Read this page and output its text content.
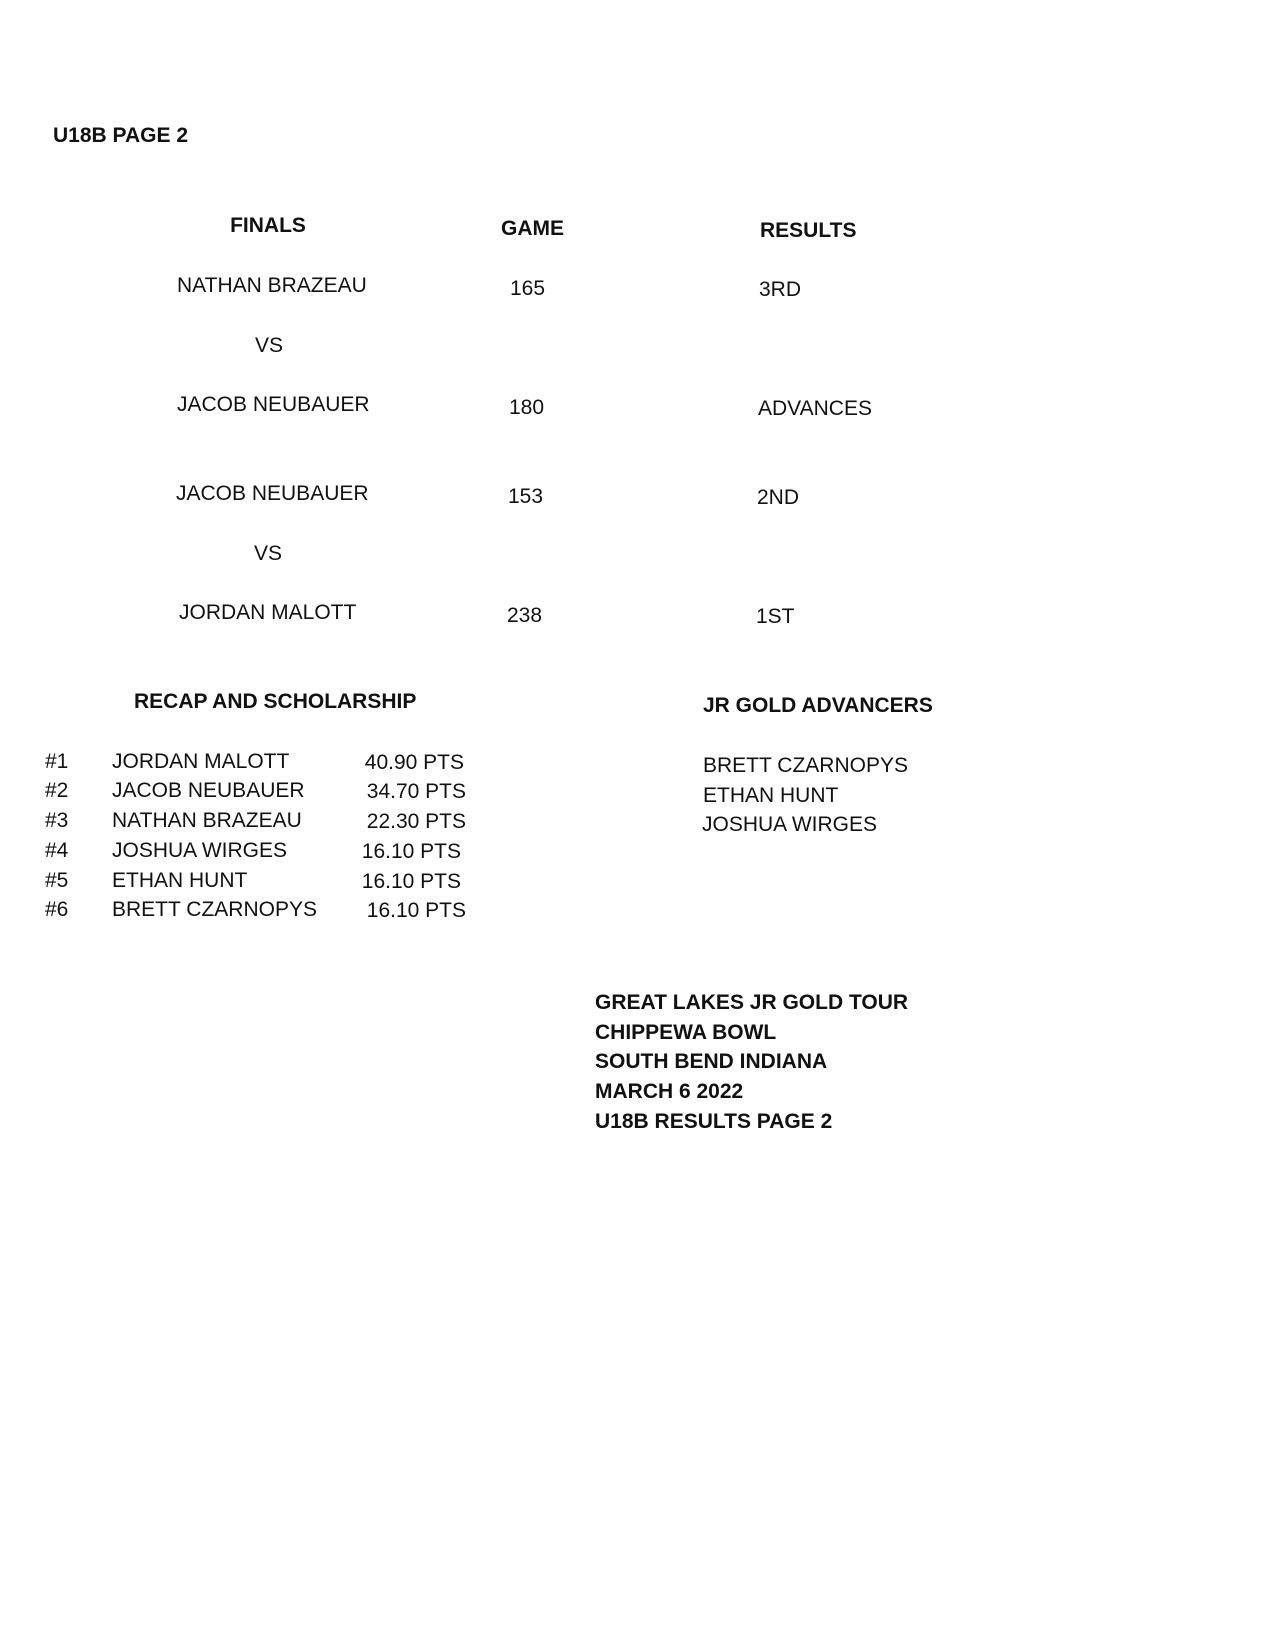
U18B PAGE 2
FINALS	GAME	RESULTS
NATHAN BRAZEAU	165	3RD
VS
JACOB NEUBAUER	180	ADVANCES
JACOB NEUBAUER	153	2ND
VS
JORDAN MALOTT	238	1ST
RECAP AND SCHOLARSHIP
#1 JORDAN MALOTT	40.90 PTS
#2 JACOB NEUBAUER	34.70 PTS
#3 NATHAN BRAZEAU	22.30 PTS
#4 JOSHUA WIRGES	16.10 PTS
#5 ETHAN HUNT	16.10 PTS
#6 BRETT CZARNOPYS	16.10 PTS
JR GOLD ADVANCERS
BRETT CZARNOPYS
ETHAN HUNT
JOSHUA WIRGES
GREAT LAKES JR GOLD TOUR
CHIPPEWA BOWL
SOUTH BEND INDIANA
MARCH 6 2022
U18B RESULTS PAGE 2
